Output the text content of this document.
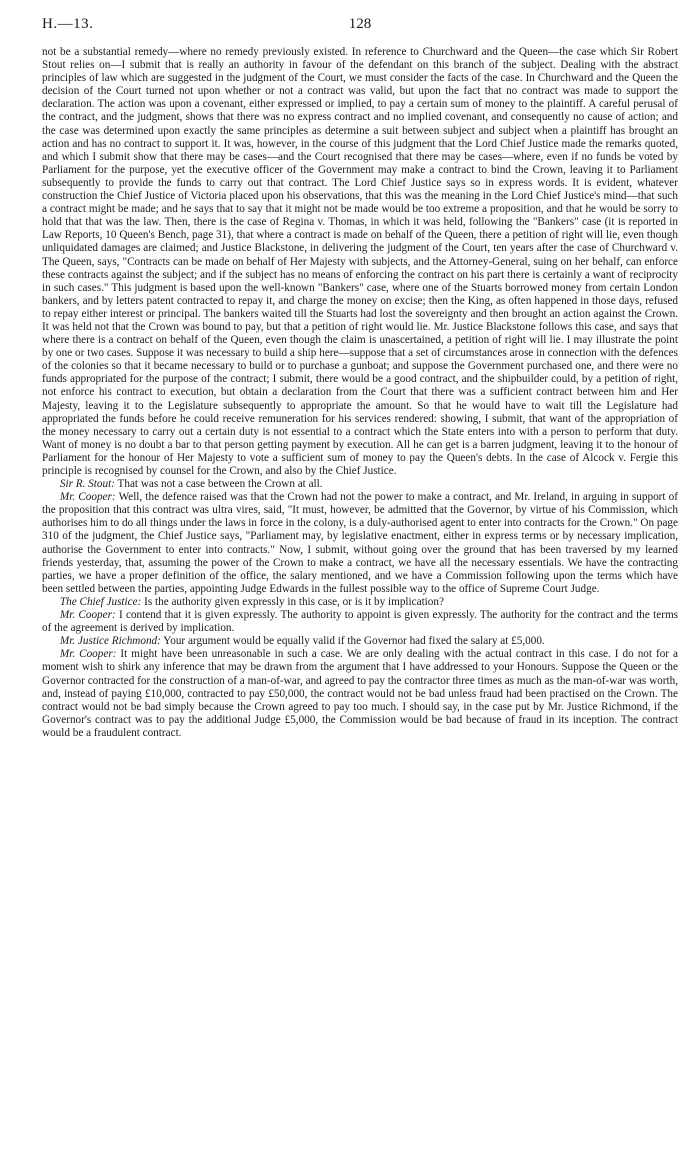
H.—13.	128

not be a substantial remedy—where no remedy previously existed. In reference to Churchward and the Queen—the case which Sir Robert Stout relies on—I submit that is really an authority in favour of the defendant on this branch of the subject. Dealing with the abstract principles of law which are suggested in the judgment of the Court, we must consider the facts of the case. In Churchward and the Queen the decision of the Court turned not upon whether or not a contract was valid, but upon the fact that no contract was made to support the declaration. The action was upon a covenant, either expressed or implied, to pay a certain sum of money to the plaintiff. A careful perusal of the contract, and the judgment, shows that there was no express contract and no implied covenant, and consequently no cause of action; and the case was determined upon exactly the same principles as determine a suit between subject and subject when a plaintiff has brought an action and has no contract to support it. It was, however, in the course of this judgment that the Lord Chief Justice made the remarks quoted, and which I submit show that there may be cases—and the Court recognised that there may be cases—where, even if no funds be voted by Parliament for the purpose, yet the executive officer of the Government may make a contract to bind the Crown, leaving it to Parliament subsequently to provide the funds to carry out that contract. The Lord Chief Justice says so in express words. It is evident, whatever construction the Chief Justice of Victoria placed upon his observations, that this was the meaning in the Lord Chief Justice's mind—that such a contract might be made; and he says that to say that it might not be made would be too extreme a proposition, and that he would be sorry to hold that that was the law. Then, there is the case of Regina v. Thomas, in which it was held, following the "Bankers" case (it is reported in Law Reports, 10 Queen's Bench, page 31), that where a contract is made on behalf of the Queen, there a petition of right will lie, even though unliquidated damages are claimed; and Justice Blackstone, in delivering the judgment of the Court, ten years after the case of Churchward v. The Queen, says, "Contracts can be made on behalf of Her Majesty with subjects, and the Attorney-General, suing on her behalf, can enforce these contracts against the subject; and if the subject has no means of enforcing the contract on his part there is certainly a want of reciprocity in such cases." This judgment is based upon the well-known "Bankers" case, where one of the Stuarts borrowed money from certain London bankers, and by letters patent contracted to repay it, and charge the money on excise; then the King, as often happened in those days, refused to repay either interest or principal. The bankers waited till the Stuarts had lost the sovereignty and then brought an action against the Crown. It was held not that the Crown was bound to pay, but that a petition of right would lie. Mr. Justice Blackstone follows this case, and says that where there is a contract on behalf of the Queen, even though the claim is unascertained, a petition of right will lie. I may illustrate the point by one or two cases. Suppose it was necessary to build a ship here—suppose that a set of circumstances arose in connection with the defences of the colonies so that it became necessary to build or to purchase a gunboat; and suppose the Government purchased one, and there were no funds appropriated for the purpose of the contract; I submit, there would be a good contract, and the shipbuilder could, by a petition of right, not enforce his contract to execution, but obtain a declaration from the Court that there was a sufficient contract between him and Her Majesty, leaving it to the Legislature subsequently to appropriate the amount. So that he would have to wait till the Legislature had appropriated the funds before he could receive remuneration for his services rendered: showing, I submit, that want of the appropriation of the money necessary to carry out a certain duty is not essential to a contract which the State enters into with a person to perform that duty. Want of money is no doubt a bar to that person getting payment by execution. All he can get is a barren judgment, leaving it to the honour of Parliament for the honour of Her Majesty to vote a sufficient sum of money to pay the Queen's debts. In the case of Alcock v. Fergie this principle is recognised by counsel for the Crown, and also by the Chief Justice.

Sir R. Stout: That was not a case between the Crown at all.

Mr. Cooper: Well, the defence raised was that the Crown had not the power to make a contract, and Mr. Ireland, in arguing in support of the proposition that this contract was ultra vires, said, "It must, however, be admitted that the Governor, by virtue of his Commission, which authorises him to do all things under the laws in force in the colony, is a duly-authorised agent to enter into contracts for the Crown." On page 310 of the judgment, the Chief Justice says, "Parliament may, by legislative enactment, either in express terms or by necessary implication, authorise the Government to enter into contracts." Now, I submit, without going over the ground that has been traversed by my learned friends yesterday, that, assuming the power of the Crown to make a contract, we have all the necessary essentials. We have the contracting parties, we have a proper definition of the office, the salary mentioned, and we have a Commission following upon the terms which have been settled between the parties, appointing Judge Edwards in the fullest possible way to the office of Supreme Court Judge.

The Chief Justice: Is the authority given expressly in this case, or is it by implication?

Mr. Cooper: I contend that it is given expressly. The authority to appoint is given expressly. The authority for the contract and the terms of the agreement is derived by implication.

Mr. Justice Richmond: Your argument would be equally valid if the Governor had fixed the salary at £5,000.

Mr. Cooper: It might have been unreasonable in such a case. We are only dealing with the actual contract in this case. I do not for a moment wish to shirk any inference that may be drawn from the argument that I have addressed to your Honours. Suppose the Queen or the Governor contracted for the construction of a man-of-war, and agreed to pay the contractor three times as much as the man-of-war was worth, and, instead of paying £10,000, contracted to pay £50,000, the contract would not be bad unless fraud had been practised on the Crown. The contract would not be bad simply because the Crown agreed to pay too much. I should say, in the case put by Mr. Justice Richmond, if the Governor's contract was to pay the additional Judge £5,000, the Commission would be bad because of fraud in its inception. The contract would be a fraudulent contract.
